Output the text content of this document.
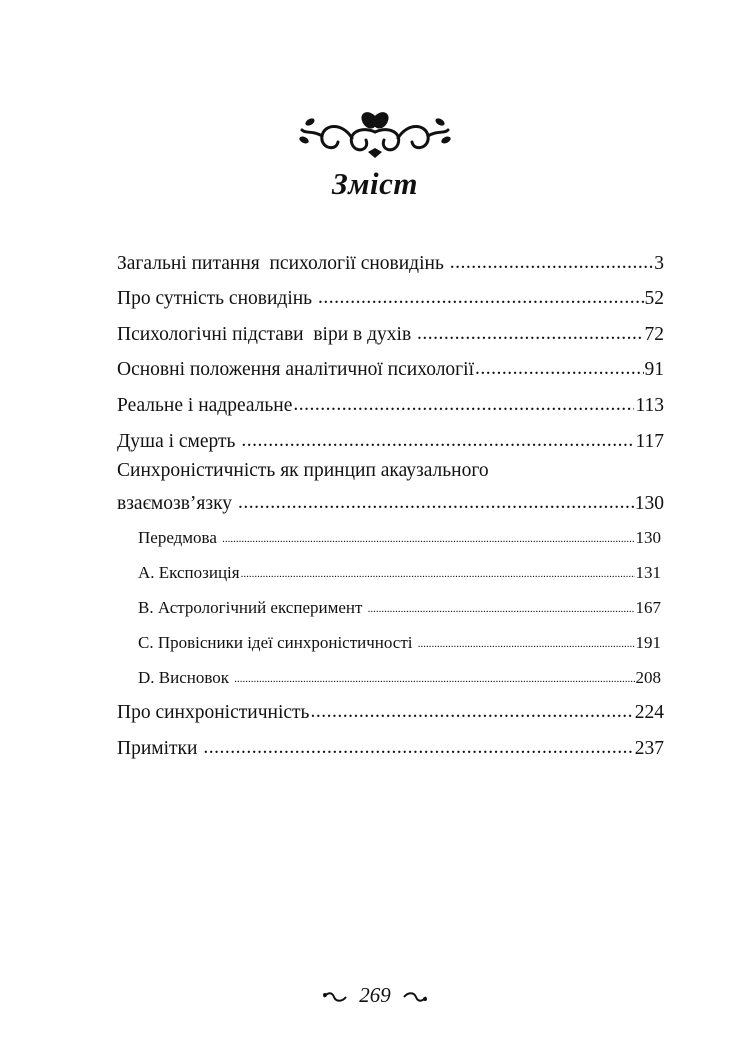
Зміст
Загальні питання  психології сновидінь .....	3
Про сутність сновидінь .....	52
Психологічні підстави  віри в духів .....	72
Основні положення аналітичної психології .....	91
Реальне і надреальне .....	113
Душа і смерть .....	117
Синхроністичність як принцип акаузального
взаємозв’язку .....	130
Передмова .....	130
A. Експозиція .....	131
B. Астрологічний експеримент .....	167
C. Провісники ідеї синхроністичності .....	191
D. Висновок .....	208
Про синхроністичність .....	224
Примітки .....	237
269
